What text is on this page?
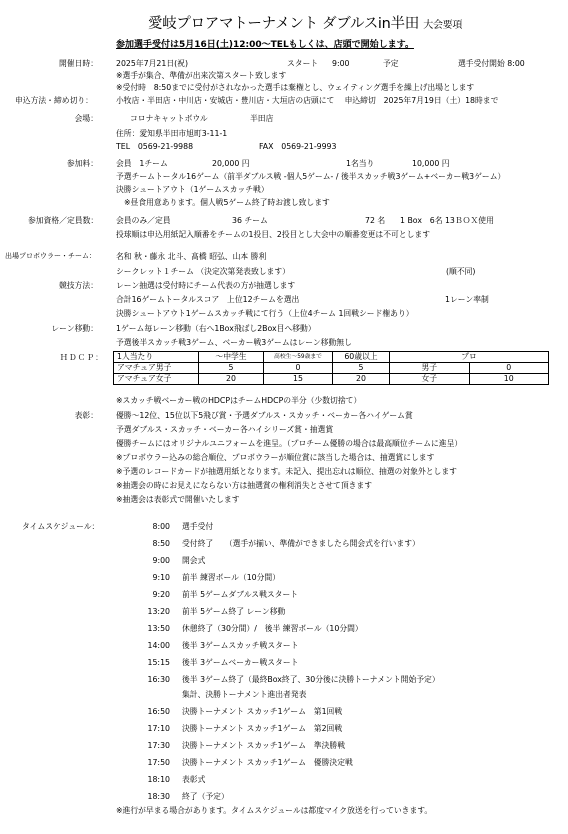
愛岐プロアマトーナメント ダブルスin半田 大会要項
参加選手受付は5月16日(土)12:00〜TELもしくは、店頭で開始します。
開催日時： 2025年7月21日(祝)	スタート 9:00	予定	選手受付開始 8:00
※選手が集合、準備が出来次第スタート致します
※受付時　8:50までに受付がされなかった選手は棄権とし、ウェイティング選手を繰上げ出場とします
申込方法・締め切り：	小牧店・半田店・中川店・安城店・豊川店・大垣店の店頭にて　 申込締切　2025年7月19日（土）18時まで
会場：	コロナキャットボウル	半田店
住所：愛知県半田市旭町3-11-1
TEL　0569-21-9988	FAX　0569-21-9993
参加料： 会員　1チーム	20,000 円	1名当り	10,000 円
予選チームトータル16ゲーム（前半ダブルス戦 -個人5ゲーム- / 後半スカッチ戦3ゲーム+ベーカー戦3ゲーム）
決勝シュートアウト（1ゲームスカッチ戦）
※昼食用意あります。個人戦5ゲーム終了時お渡し致します
参加資格／定員数： 会員のみ／定員	36 チーム	72 名 1 Box　6名 13ＢＯＸ使用
投球順は申込用紙記入順番をチームの1投目、2投目とし大会中の順番変更は不可とします
出場プロボウラー・チーム：	名和 秋・藤永 北斗、髙橋 昭弘、山本 勝利
シークレット１チーム （決定次第発表致します）	(順不同)
競技方法： レーン抽選は受付時にチーム代表の方が抽選します
合計16ゲームトータルスコア　上位12チームを選出	1レーン率制
決勝シュートアウト1ゲームスカッチ戦にて行う（上位4チーム 1回戦シード権あり）
レーン移動： 1ゲーム毎レーン移動（右へ1Box飛ばし2Box目へ移動）
予選後半スカッチ戦3ゲーム、ベーカー戦3ゲームはレーン移動無し
ＨＤＣＰ： 1人当たり	〜中学生	高校生〜59歳まで	60歳以上	プロ	
アマチュア男子	5	0	5	男子	0
アマチュア女子	20	15	20	女子	10
※スカッチ戦ベーカー戦のHDCPはチームHDCPの半分（少数切捨て）
表彰： 優勝〜12位、15位以下5飛び賞・予選ダブルス・スカッチ・ベーカー各ハイゲーム賞
予選ダブルス・スカッチ・ベーカー各ハイシリーズ賞・抽選賞
優勝チームにはオリジナルユニフォームを進呈。（プロチーム優勝の場合は最高順位チームに進呈）
※プロボウラー込みの総合順位、プロボウラーが順位賞に該当した場合は、抽選賞にします
※予選のレコードカードが抽選用紙となります。未記入、提出忘れは順位、抽選の対象外とします
※抽選会の時にお見えにならない方は抽選賞の権利消失とさせて頂きます
※抽選会は表彰式で開催いたします
タイムスケジュール：	8:00 選手受付
8:50 受付終了　　（選手が揃い、準備ができましたら開会式を行います）
9:00 開会式
9:10 前半 練習ボール（10分間）
9:20 前半 5ゲームダブルス戦スタート
13:20 前半 5ゲーム終了 レーン移動
13:50 休憩終了（30分間）/　後半 練習ボール（10分間）
14:00 後半 3ゲームスカッチ戦スタート
15:15 後半 3ゲームベーカー戦スタート
16:30 後半 3ゲーム終了（最終Box終了、30分後に決勝トーナメント開始予定）
集計、決勝トーナメント進出者発表
16:50 決勝トーナメント スカッチ1ゲーム　第1回戦
17:10 決勝トーナメント スカッチ1ゲーム　第2回戦
17:30 決勝トーナメント スカッチ1ゲーム　準決勝戦
17:50 決勝トーナメント スカッチ1ゲーム　優勝決定戦
18:10 表彰式
18:30 終了（予定）
※進行が早まる場合があります。タイムスケジュールは都度マイク放送を行っていきます。
